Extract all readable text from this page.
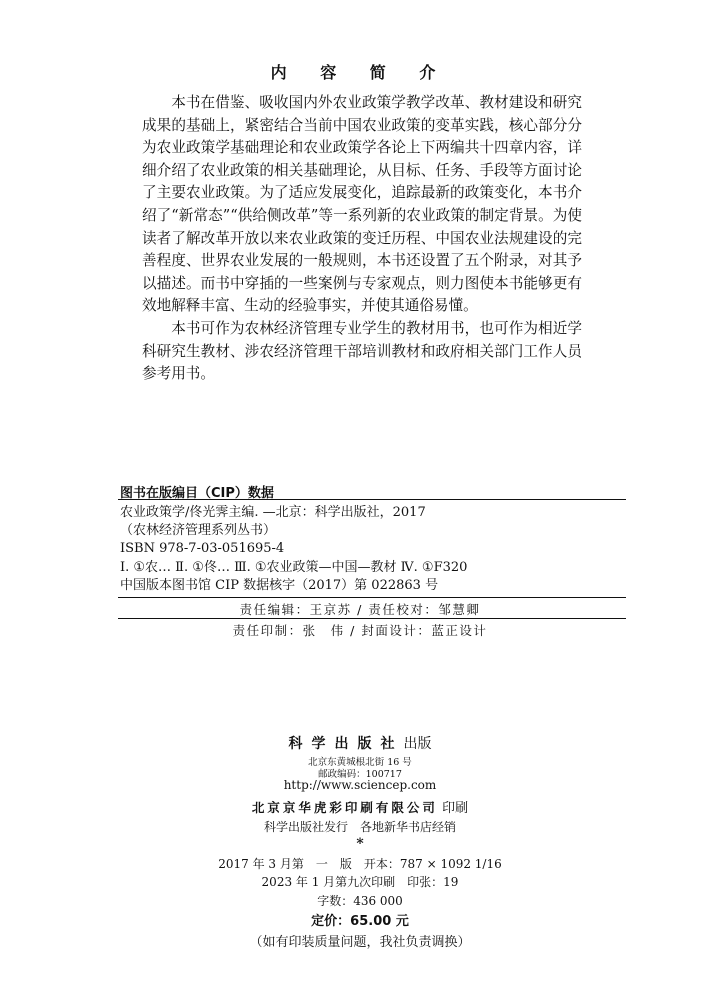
内 容 简 介

本书在借鉴、吸收国内外农业政策学教学改革、教材建设和研究成果的基础上，紧密结合当前中国农业政策的变革实践，核心部分分为农业政策学基础理论和农业政策学各论上下两编共十四章内容，详细介绍了农业政策的相关基础理论，从目标、任务、手段等方面讨论了主要农业政策。为了适应发展变化，追踪最新的政策变化，本书介绍了“新常态”“供给侧改革”等一系列新的农业政策的制定背景。为使读者了解改革开放以来农业政策的变迁历程、中国农业法规建设的完善程度、世界农业发展的一般规则，本书还设置了五个附录，对其予以描述。而书中穿插的一些案例与专家观点，则力图使本书能够更有效地解释丰富、生动的经验事实，并使其通俗易懂。

本书可作为农林经济管理专业学生的教材用书，也可作为相近学科研究生教材、涉农经济管理干部培训教材和政府相关部门工作人员参考用书。

图书在版编目（CIP）数据
农业政策学/佟光霁主编. —北京：科学出版社，2017
（农林经济管理系列丛书）
ISBN 978-7-03-051695-4
Ⅰ. ①农… Ⅱ. ①佟… Ⅲ. ①农业政策—中国—教材 Ⅳ. ①F320
中国版本图书馆 CIP 数据核字（2017）第 022863 号
责任编辑：王京苏 / 责任校对：邹慧卿
责任印制：张　伟 / 封面设计：蓝正设计
科学出版社出版
北京东黄城根北街 16 号
邮政编码：100717
http://www.sciencep.com
北京京华虎彩印刷有限公司 印刷
科学出版社发行　各地新华书店经销
*
2017 年 3 月第　一　版　开本：787 × 1092 1/16
2023 年 1 月第九次印刷　印张：19
字数：436 000
定价：65.00 元
（如有印装质量问题，我社负责调换）
